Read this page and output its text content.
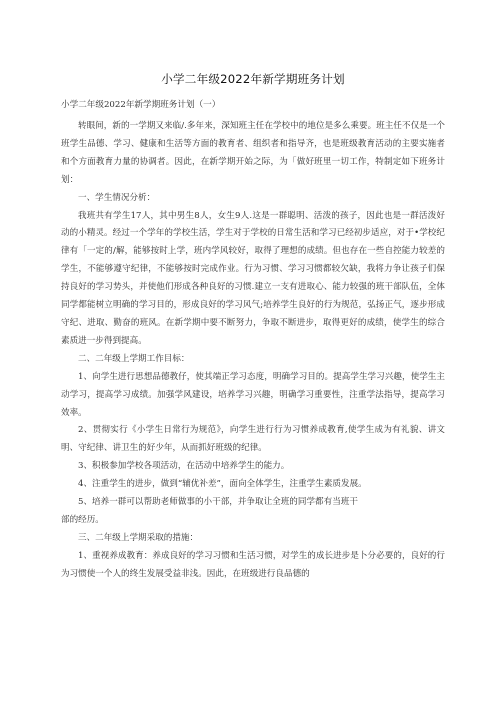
小学二年级2022年新学期班务计划
小学二年级2022年新学期班务计划（一）

转眼间，新的一学期又来临/.多年来，深知班主任在学校中的地位是多么乘要。班主任不仅是一个班学生品德、学习、健康和生活等方面的教育者、组织者和指导齐，也是班级教育活动的主要实施者和个方面教育力量的协调者。因此，在新学期开始之际，为「做好班里一切工作，特制定如下班务计划：

一、学生情况分析：

我班共有学生17人，其中男生8人，女生9人.这是一群聪明、活泼的孩子，因此也是一群活泼好动的小精灵。经过一个学年的学校生活，学生对于学校的日常生活和学习已经初步适应，对于•学校纪律有「一定的/解，能够按时上学，班内学风较好，取得了理想的成绩。但也存在一些自控能力较差的学生，不能够遵守纪律，不能够按时完成作业。行为习惯、学习习惯都较欠缺，我将力争让孩子们保持良好的学习势头，并使他们形成各种良好的习惯.建立一支有进取心、能力较强的班干部队伍，全体同学都能树立明确的学习目的，形成良好的学习风气;培养学生良好的行为规范，弘扬正气，逐步形成守纪、进取、勤奋的班风。在新学期中要不断努力，争取不断进步，取得更好的成绩，使学生的综合素质进一步得到提高。

二、二年级上学期工作目标：

1、向学生进行思想品德教仔，使其端正学习态度，明确学习目的。提高学生学习兴趣，使学生主动学习，提高学习成绩。加强学风建设，培养学习兴趣，明确学习重要性，注重学法指导，提高学习效率。

2、贯彻实行《小学生日常行为规范》，向学生进行行为习惯养成教育,使学生成为有礼貌、讲文明、守纪律、讲卫生的好少年，从而抓好班级的纪律。

3、积极参加学校各项活动，在活动中培养学生的能力。

4、注重学生的进步，做到“辅优补差”，面向全体学生，注重学生素质发展。

5、培养一群可以帮助老师做事的小干部，并争取让全班的同学都有当班干

部的经历。

三、二年级上学期采取的措施：

1、重视养成教育：养成良好的学习习惯和生活习惯，对学生的成长进步是卜分必要的，良好的行为习惯使一个人的终生发展受益非浅。因此，在班级进行良品德的
